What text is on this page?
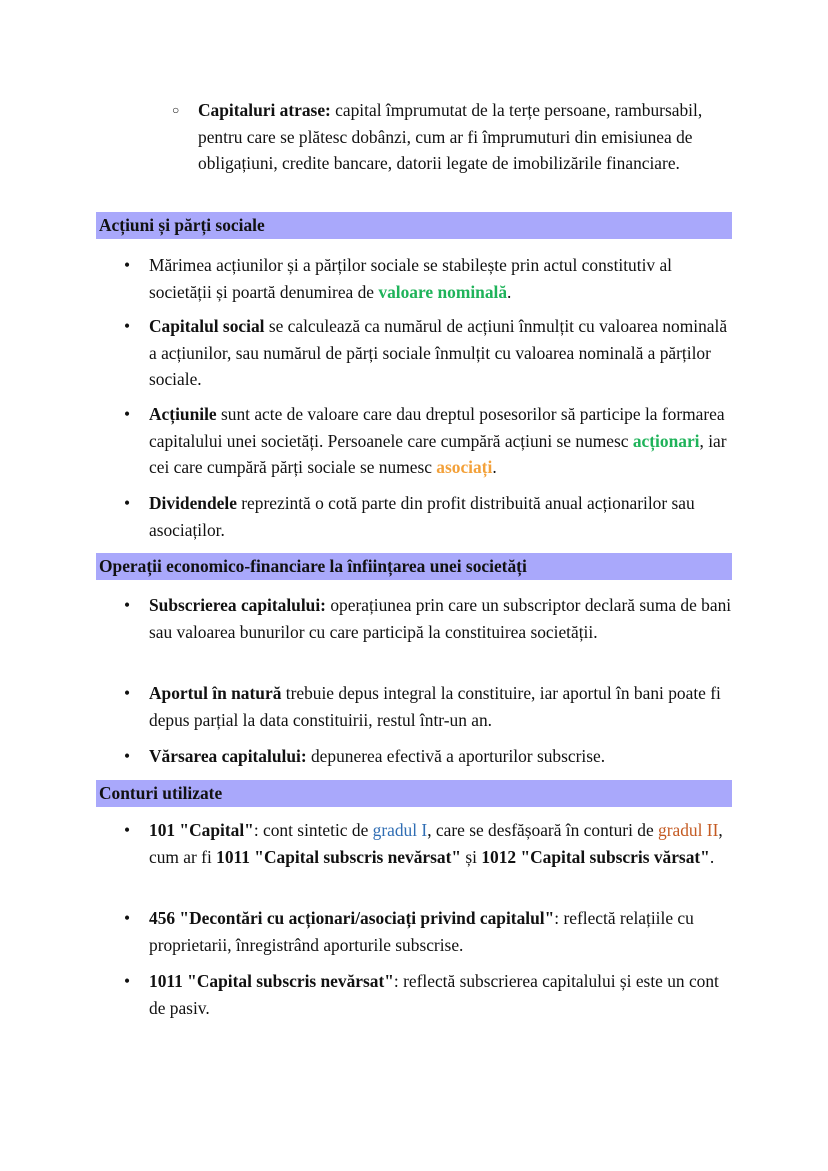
○ Capitaluri atrase: capital împrumutat de la terțe persoane, rambursabil, pentru care se plătesc dobânzi, cum ar fi împrumuturi din emisiunea de obligațiuni, credite bancare, datorii legate de imobilizările financiare.
Acțiuni și părți sociale
• Mărimea acțiunilor și a părților sociale se stabilește prin actul constitutiv al societății și poartă denumirea de valoare nominală.
• Capitalul social se calculează ca numărul de acțiuni înmulțit cu valoarea nominală a acțiunilor, sau numărul de părți sociale înmulțit cu valoarea nominală a părților sociale.
• Acțiunile sunt acte de valoare care dau dreptul posesorilor să participe la formarea capitalului unei societăți. Persoanele care cumpără acțiuni se numesc acționari, iar cei care cumpără părți sociale se numesc asociați.
• Dividendele reprezintă o cotă parte din profit distribuită anual acționarilor sau asociaților.
Operații economico-financiare la înființarea unei societăți
• Subscrierea capitalului: operațiunea prin care un subscriptor declară suma de bani sau valoarea bunurilor cu care participă la constituirea societății.
• Aportul în natură trebuie depus integral la constituire, iar aportul în bani poate fi depus parțial la data constituirii, restul într-un an.
• Vărsarea capitalului: depunerea efectivă a aporturilor subscrise.
Conturi utilizate
• 101 "Capital": cont sintetic de gradul I, care se desfășoară în conturi de gradul II, cum ar fi 1011 "Capital subscris nevărsat" și 1012 "Capital subscris vărsat".
• 456 "Decontări cu acționari/asociați privind capitalul": reflectă relațiile cu proprietarii, înregistrând aporturile subscrise.
• 1011 "Capital subscris nevărsat": reflectă subscrierea capitalului și este un cont de pasiv.
